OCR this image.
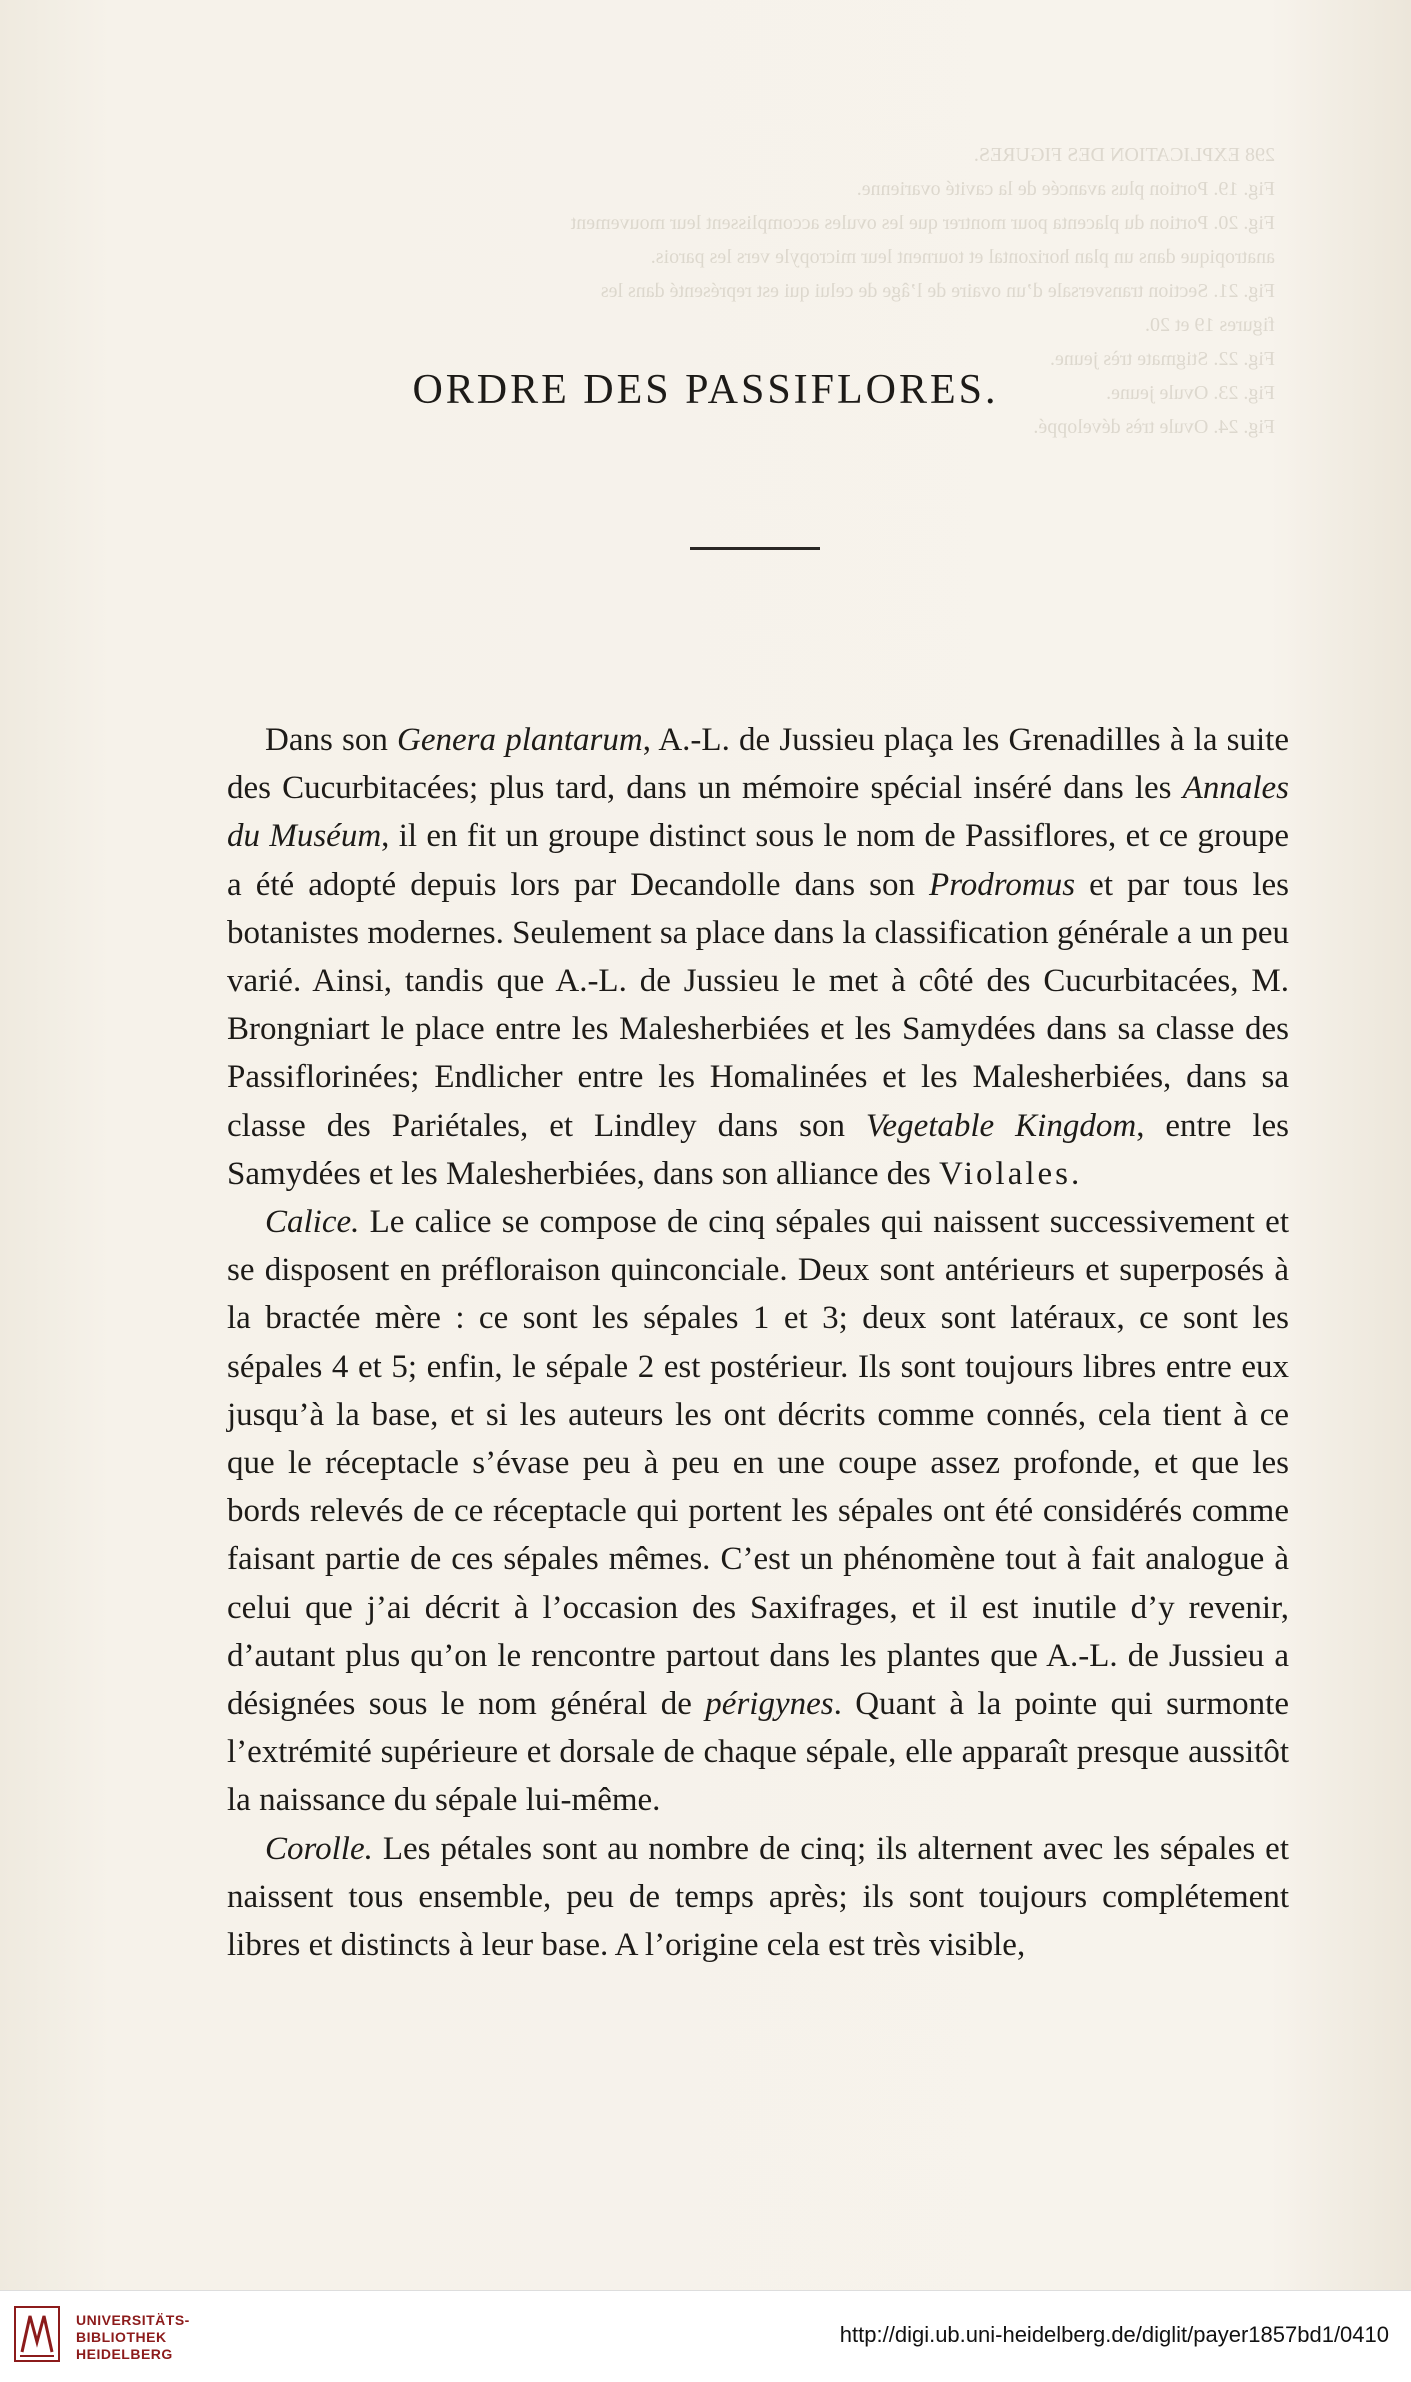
298 EXPLICATION DES FIGURES.

Fig. 19. Portion plus avancée de la cavité ovarienne.

Fig. 20. Portion du placenta pour montrer que les ovules accomplissent leur mouvement

anatropique dans un plan horizontal et tournent leur micropyle vers les parois.

Fig. 21. Section transversale d’un ovaire de l’âge de celui qui est représenté dans les

figures 19 et 20.

Fig. 22. Stigmate très jeune.

Fig. 23. Ovule jeune.

Fig. 24. Ovule très développé.

ORDRE DES PASSIFLORES.

Dans son Genera plantarum, A.-L. de Jussieu plaça les Grenadilles à la suite des Cucurbitacées; plus tard, dans un mémoire spécial inséré dans les Annales du Muséum, il en fit un groupe distinct sous le nom de Passiflores, et ce groupe a été adopté depuis lors par Decandolle dans son Prodromus et par tous les botanistes modernes. Seulement sa place dans la classification générale a un peu varié. Ainsi, tandis que A.-L. de Jussieu le met à côté des Cucurbitacées, M. Brongniart le place entre les Malesherbiées et les Samydées dans sa classe des Passiflorinées; Endlicher entre les Homalinées et les Malesherbiées, dans sa classe des Pariétales, et Lindley dans son Vegetable Kingdom, entre les Samydées et les Malesherbiées, dans son alliance des Violales.

Calice. Le calice se compose de cinq sépales qui naissent successivement et se disposent en préfloraison quinconciale. Deux sont antérieurs et superposés à la bractée mère : ce sont les sépales 1 et 3; deux sont latéraux, ce sont les sépales 4 et 5; enfin, le sépale 2 est postérieur. Ils sont toujours libres entre eux jusqu’à la base, et si les auteurs les ont décrits comme connés, cela tient à ce que le réceptacle s’évase peu à peu en une coupe assez profonde, et que les bords relevés de ce réceptacle qui portent les sépales ont été considérés comme faisant partie de ces sépales mêmes. C’est un phénomène tout à fait analogue à celui que j’ai décrit à l’occasion des Saxifrages, et il est inutile d’y revenir, d’autant plus qu’on le rencontre partout dans les plantes que A.-L. de Jussieu a désignées sous le nom général de périgynes. Quant à la pointe qui surmonte l’extrémité supérieure et dorsale de chaque sépale, elle apparaît presque aussitôt la naissance du sépale lui-même.

Corolle. Les pétales sont au nombre de cinq; ils alternent avec les sépales et naissent tous ensemble, peu de temps après; ils sont toujours complétement libres et distincts à leur base. A l’origine cela est très visible,

UNIVERSITÄTS-
BIBLIOTHEK
HEIDELBERG
http://digi.ub.uni-heidelberg.de/diglit/payer1857bd1/0410
